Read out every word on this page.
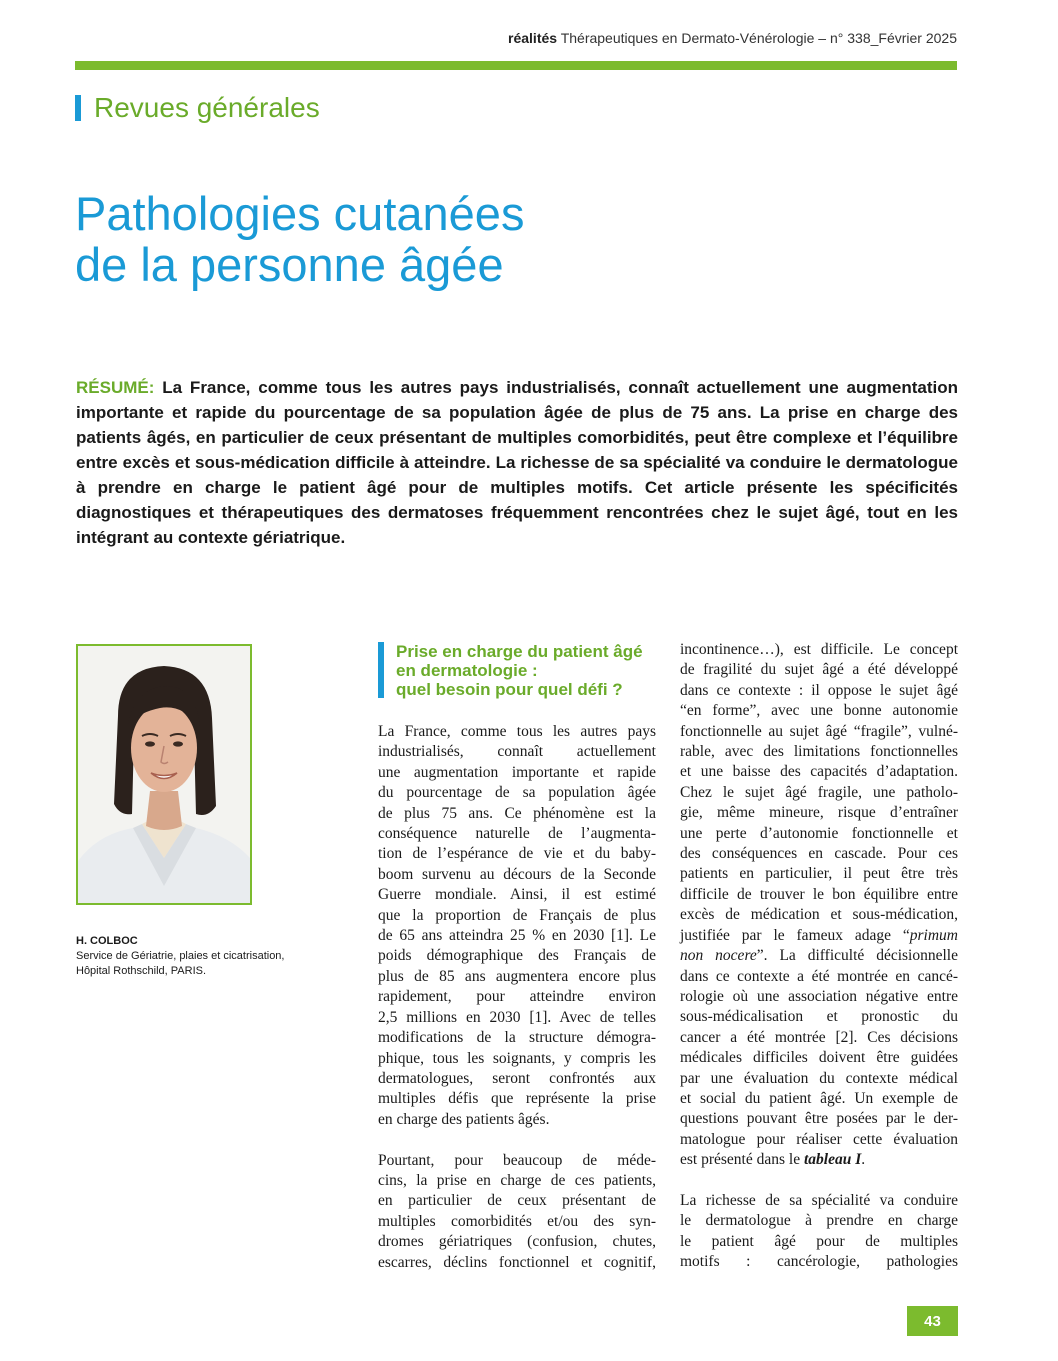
réalités Thérapeutiques en Dermato-Vénérologie – n° 338_Février 2025
Revues générales
Pathologies cutanées
de la personne âgée
RÉSUMÉ: La France, comme tous les autres pays industrialisés, connaît actuellement une augmentation importante et rapide du pourcentage de sa population âgée de plus de 75 ans. La prise en charge des patients âgés, en particulier de ceux présentant de multiples comorbidités, peut être complexe et l’équilibre entre excès et sous-médication difficile à atteindre. La richesse de sa spécialité va conduire le dermatologue à prendre en charge le patient âgé pour de multiples motifs. Cet article présente les spécificités diagnostiques et thérapeutiques des dermatoses fréquemment rencontrées chez le sujet âgé, tout en les intégrant au contexte gériatrique.
H. COLBOC
Service de Gériatrie, plaies et cicatrisation,
Hôpital Rothschild, PARIS.
Prise en charge du patient âgé
en dermatologie :
quel besoin pour quel défi ?
La France, comme tous les autres pays
industrialisés, connaît actuellement
une augmentation importante et rapide
du pourcentage de sa population âgée
de plus 75 ans. Ce phénomène est la
conséquence naturelle de l’augmenta-
tion de l’espérance de vie et du baby-
boom survenu au décours de la Seconde
Guerre mondiale. Ainsi, il est estimé
que la proportion de Français de plus
de 65 ans atteindra 25 % en 2030 [1]. Le
poids démographique des Français de
plus de 85 ans augmentera encore plus
rapidement, pour atteindre environ
2,5 millions en 2030 [1]. Avec de telles
modifications de la structure démogra-
phique, tous les soignants, y compris les
dermatologues, seront confrontés aux
multiples défis que représente la prise
en charge des patients âgés.
Pourtant, pour beaucoup de méde-
cins, la prise en charge de ces patients,
en particulier de ceux présentant de
multiples comorbidités et/ou des syn-
dromes gériatriques (confusion, chutes,
escarres, déclins fonctionnel et cognitif,
incontinence…), est difficile. Le concept
de fragilité du sujet âgé a été développé
dans ce contexte : il oppose le sujet âgé
“en forme”, avec une bonne autonomie
fonctionnelle au sujet âgé “fragile”, vulné-
rable, avec des limitations fonctionnelles
et une baisse des capacités d’adaptation.
Chez le sujet âgé fragile, une patholo-
gie, même mineure, risque d’entraîner
une perte d’autonomie fonctionnelle et
des conséquences en cascade. Pour ces
patients en particulier, il peut être très
difficile de trouver le bon équilibre entre
excès de médication et sous-médication,
justifiée par le fameux adage “primum
non nocere”. La difficulté décisionnelle
dans ce contexte a été montrée en cancé-
rologie où une association négative entre
sous-médicalisation et pronostic du
cancer a été montrée [2]. Ces décisions
médicales difficiles doivent être guidées
par une évaluation du contexte médical
et social du patient âgé. Un exemple de
questions pouvant être posées par le der-
matologue pour réaliser cette évaluation
est présenté dans le tableau I.
La richesse de sa spécialité va conduire
le dermatologue à prendre en charge
le patient âgé pour de multiples
motifs : cancérologie, pathologies
43
